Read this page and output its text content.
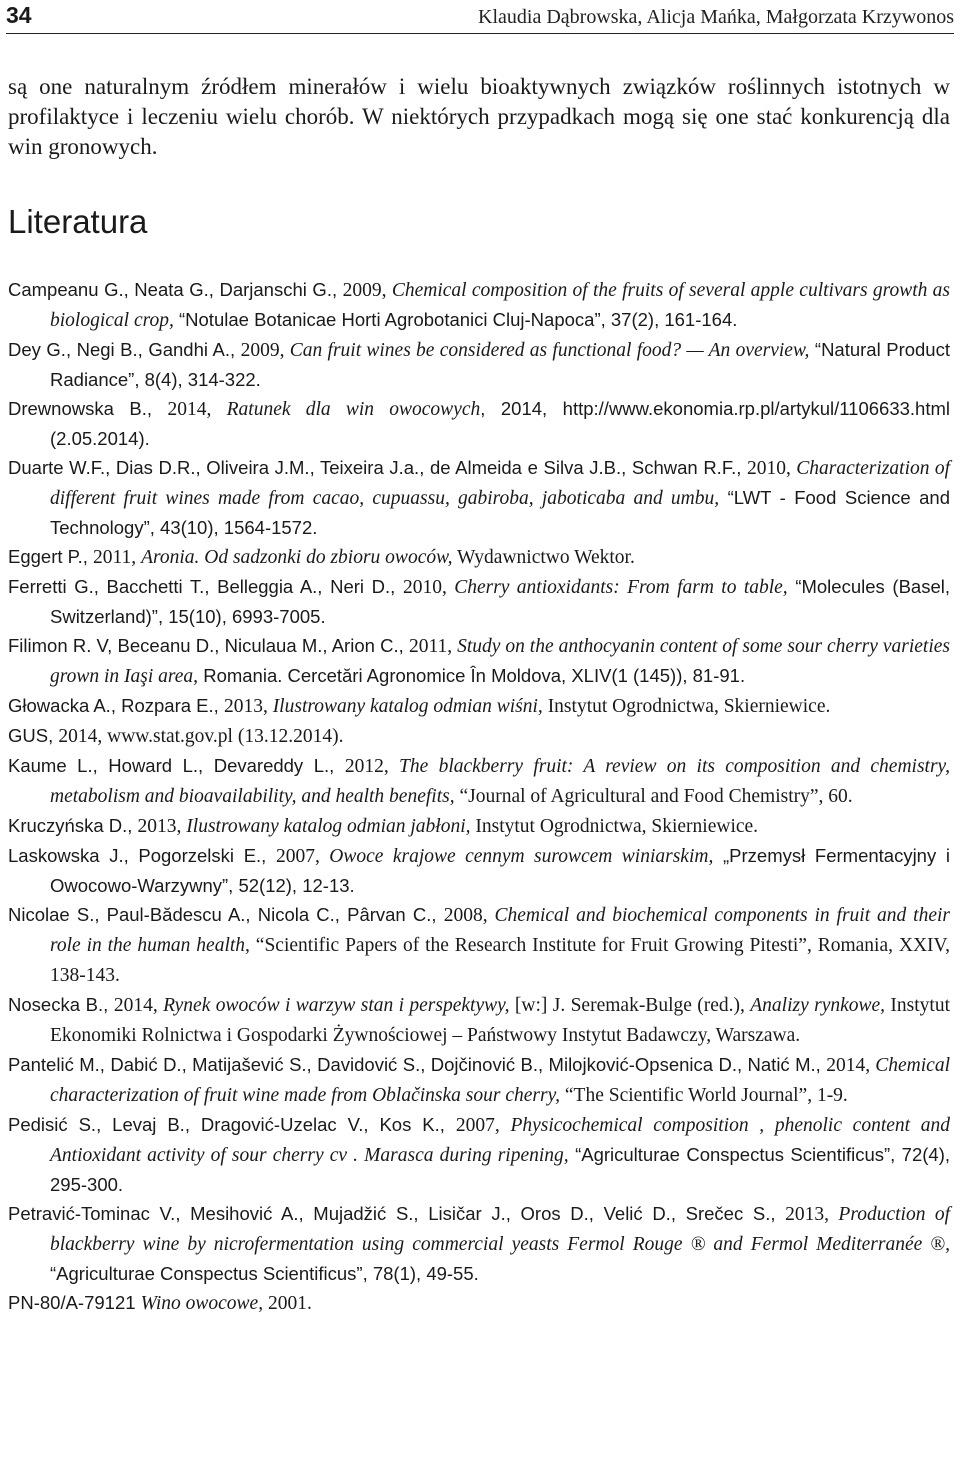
34	Klaudia Dąbrowska, Alicja Mańka, Małgorzata Krzywonos

są one naturalnym źródłem minerałów i wielu bioaktywnych związków roślinnych istotnych w profilaktyce i leczeniu wielu chorób. W niektórych przypadkach mogą się one stać konkurencją dla win gronowych.

Literatura
Campeanu G., Neata G., Darjanschi G., 2009, Chemical composition of the fruits of several apple cultivars growth as biological crop, “Notulae Botanicae Horti Agrobotanici Cluj-Napoca”, 37(2), 161-164.
Dey G., Negi B., Gandhi A., 2009, Can fruit wines be considered as functional food? — An overview, “Natural Product Radiance”, 8(4), 314-322.
Drewnowska B., 2014, Ratunek dla win owocowych, 2014, http://www.ekonomia.rp.pl/artykul/1106633.html (2.05.2014).
Duarte W.F., Dias D.R., Oliveira J.M., Teixeira J.a., de Almeida e Silva J.B., Schwan R.F., 2010, Characterization of different fruit wines made from cacao, cupuassu, gabiroba, jaboticaba and umbu, “LWT - Food Science and Technology”, 43(10), 1564-1572.
Eggert P., 2011, Aronia. Od sadzonki do zbioru owoców, Wydawnictwo Wektor.
Ferretti G., Bacchetti T., Belleggia A., Neri D., 2010, Cherry antioxidants: From farm to table, “Molecules (Basel, Switzerland)”, 15(10), 6993-7005.
Filimon R. V, Beceanu D., Niculaua M., Arion C., 2011, Study on the anthocyanin content of some sour cherry varieties grown in Iaşi area, Romania. Cercetări Agronomice În Moldova, XLIV(1 (145)), 81-91.
Głowacka A., Rozpara E., 2013, Ilustrowany katalog odmian wiśni, Instytut Ogrodnictwa, Skierniewice.
GUS, 2014, www.stat.gov.pl (13.12.2014).
Kaume L., Howard L., Devareddy L., 2012, The blackberry fruit: A review on its composition and chemistry, metabolism and bioavailability, and health benefits, “Journal of Agricultural and Food Chemistry”, 60.
Kruczyńska D., 2013, Ilustrowany katalog odmian jabłoni, Instytut Ogrodnictwa, Skierniewice.
Laskowska J., Pogorzelski E., 2007, Owoce krajowe cennym surowcem winiarskim, „Przemysł Fermentacyjny i Owocowo-Warzywny”, 52(12), 12-13.
Nicolae S., Paul-Bădescu A., Nicola C., Pârvan C., 2008, Chemical and biochemical components in fruit and their role in the human health, “Scientific Papers of the Research Institute for Fruit Growing Pitesti”, Romania, XXIV, 138-143.
Nosecka B., 2014, Rynek owoców i warzyw stan i perspektywy, [w:] J. Seremak-Bulge (red.), Analizy rynkowe, Instytut Ekonomiki Rolnictwa i Gospodarki Żywnościowej – Państwowy Instytut Badawczy, Warszawa.
Pantelić M., Dabić D., Matijašević S., Davidović S., Dojčinović B., Milojković-Opsenica D., Natić M., 2014, Chemical characterization of fruit wine made from Oblačinska sour cherry, “The Scientific World Journal”, 1-9.
Pedisić S., Levaj B., Dragović-Uzelac V., Kos K., 2007, Physicochemical composition , phenolic content and Antioxidant activity of sour cherry cv . Marasca during ripening, “Agriculturae Conspectus Scientificus”, 72(4), 295-300.
Petravić-Tominac V., Mesihović A., Mujadžić S., Lisičar J., Oros D., Velić D., Srečec S., 2013, Production of blackberry wine by nicrofermentation using commercial yeasts Fermol Rouge ® and Fermol Mediterranée ®, “Agriculturae Conspectus Scientificus”, 78(1), 49-55.
PN-80/A-79121 Wino owocowe, 2001.
